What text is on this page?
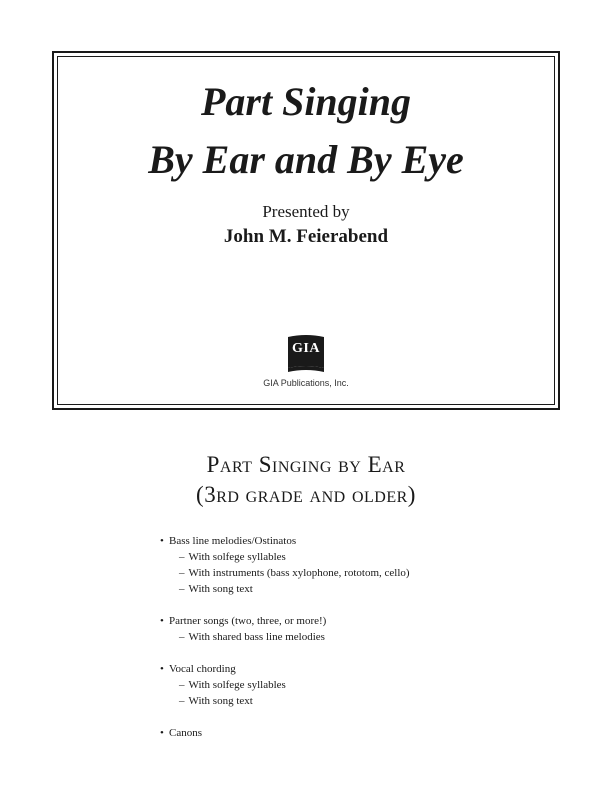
Part Singing
By Ear and By Eye
Presented by
John M. Feierabend
GIA
GIA Publications, Inc.
Part Singing by Ear
(3rd grade and older)
• Bass line melodies/Ostinatos
– With solfege syllables
– With instruments (bass xylophone, rototom, cello)
– With song text
• Partner songs (two, three, or more!)
– With shared bass line melodies
• Vocal chording
– With solfege syllables
– With song text
• Canons
